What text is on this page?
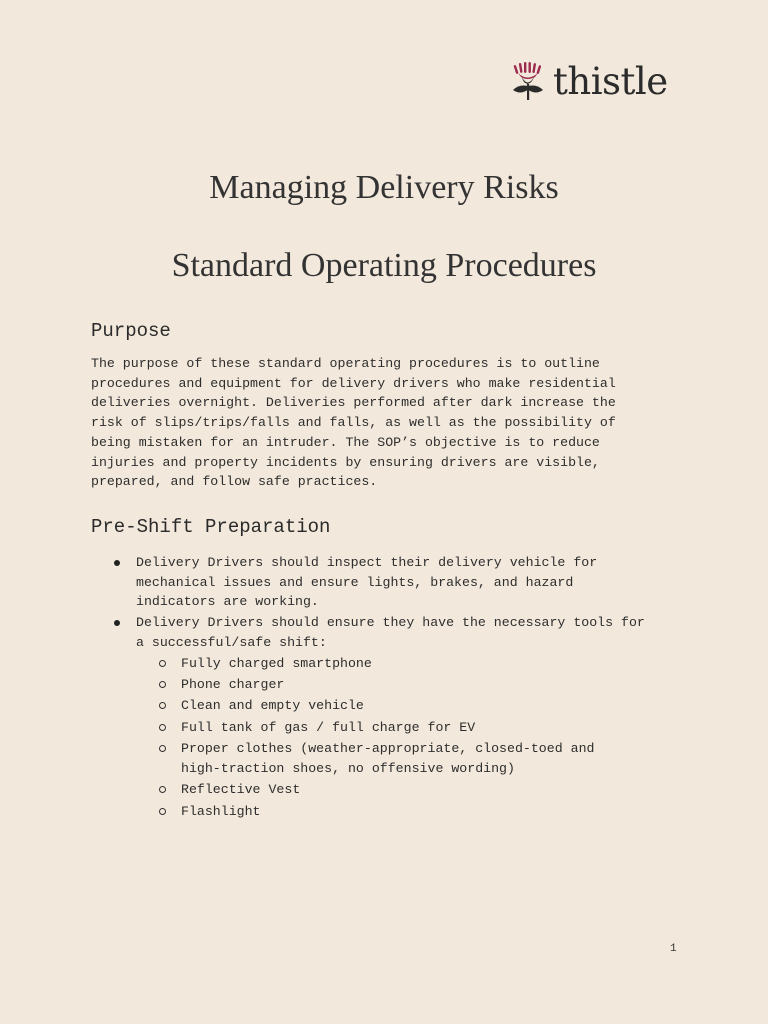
thistle
Managing Delivery Risks
Standard Operating Procedures
Purpose

The purpose of these standard operating procedures is to outline
procedures and equipment for delivery drivers who make residential
deliveries overnight. Deliveries performed after dark increase the
risk of slips/trips/falls and falls, as well as the possibility of
being mistaken for an intruder. The SOP’s objective is to reduce
injuries and property incidents by ensuring drivers are visible,
prepared, and follow safe practices.

Pre-Shift Preparation
Delivery Drivers should inspect their delivery vehicle for
mechanical issues and ensure lights, brakes, and hazard
indicators are working.
Delivery Drivers should ensure they have the necessary tools for
a successful/safe shift:
Fully charged smartphone
Phone charger
Clean and empty vehicle
Full tank of gas / full charge for EV
Proper clothes (weather-appropriate, closed-toed and
high-traction shoes, no offensive wording)
Reflective Vest
Flashlight
1
